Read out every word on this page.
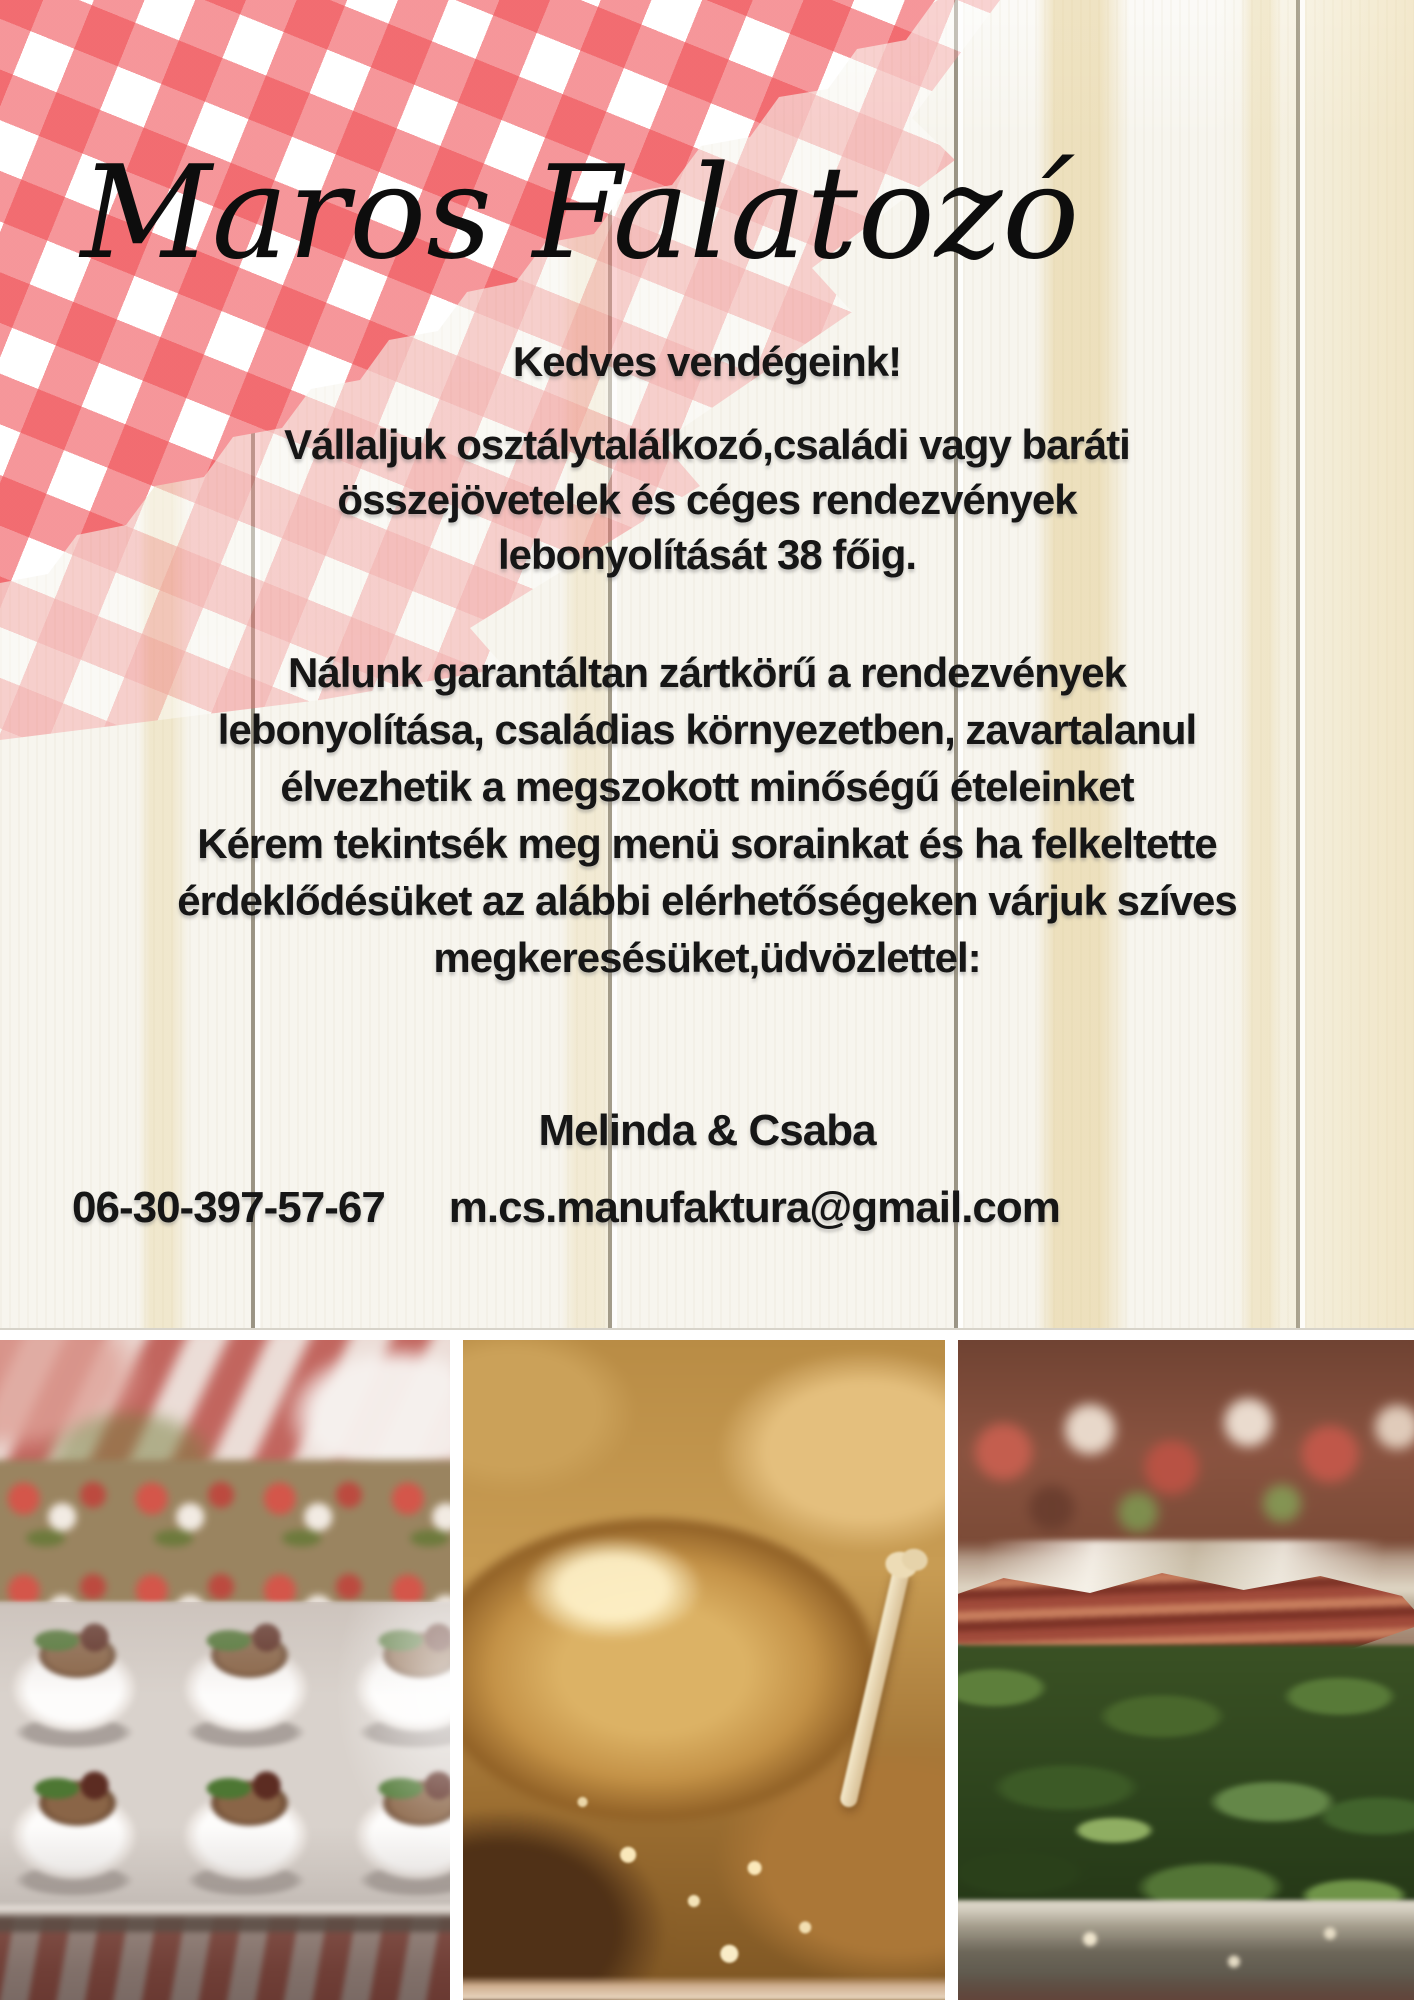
Maros Falatozó

Kedves vendégeink!

Vállaljuk osztálytalálkozó,családi vagy baráti
összejövetelek és céges rendezvények
lebonyolítását 38 főig.
Nálunk garantáltan zártkörű a rendezvények
lebonyolítása, családias környezetben, zavartalanul
élvezhetik a megszokott minőségű ételeinket
Kérem tekintsék meg menü sorainkat és ha felkeltette
érdeklődésüket az alábbi elérhetőségeken várjuk szíves
megkeresésüket,üdvözlettel:

Melinda & Csaba

06-30-397-57-67 m.cs.manufaktura@gmail.com
